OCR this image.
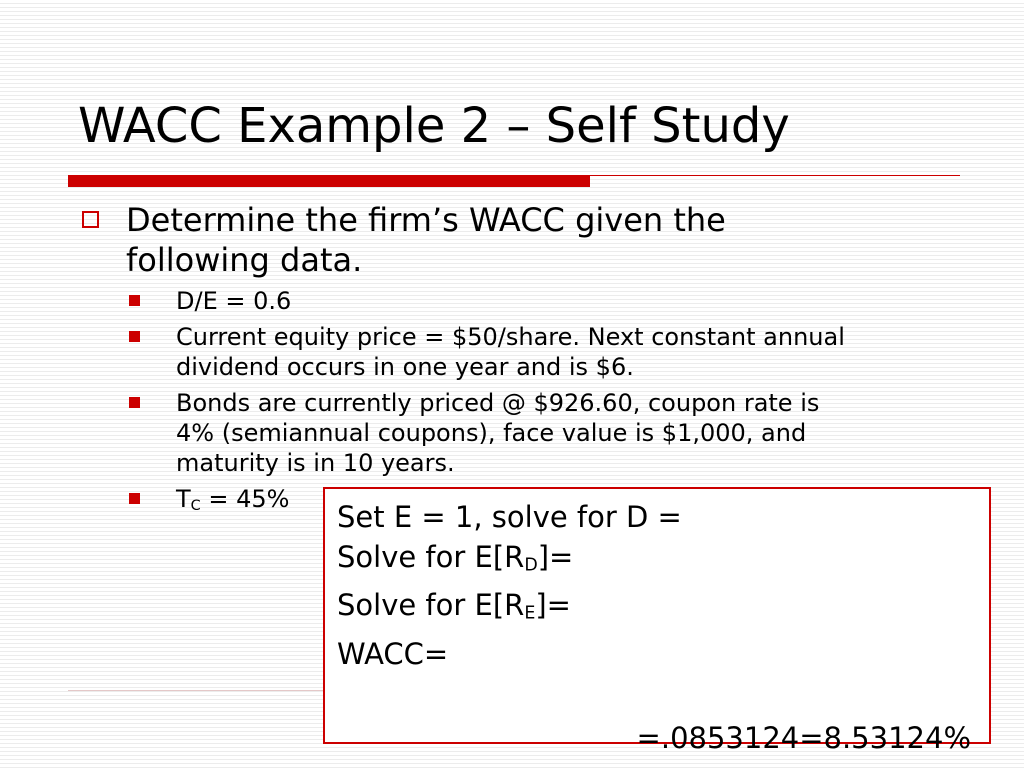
WACC Example 2 – Self Study
Determine the firm’s WACC given the following data.
D/E = 0.6
Current equity price = $50/share. Next constant annual dividend occurs in one year and is $6.
Bonds are currently priced @ $926.60, coupon rate is 4% (semiannual coupons), face value is $1,000, and maturity is in 10 years.
$T_C = 45\%$
Set E = 1, solve for D =
Solve for $E[R_D]=$
Solve for $E[R_E]=$
WACC=
=.0853124=8.53124%
